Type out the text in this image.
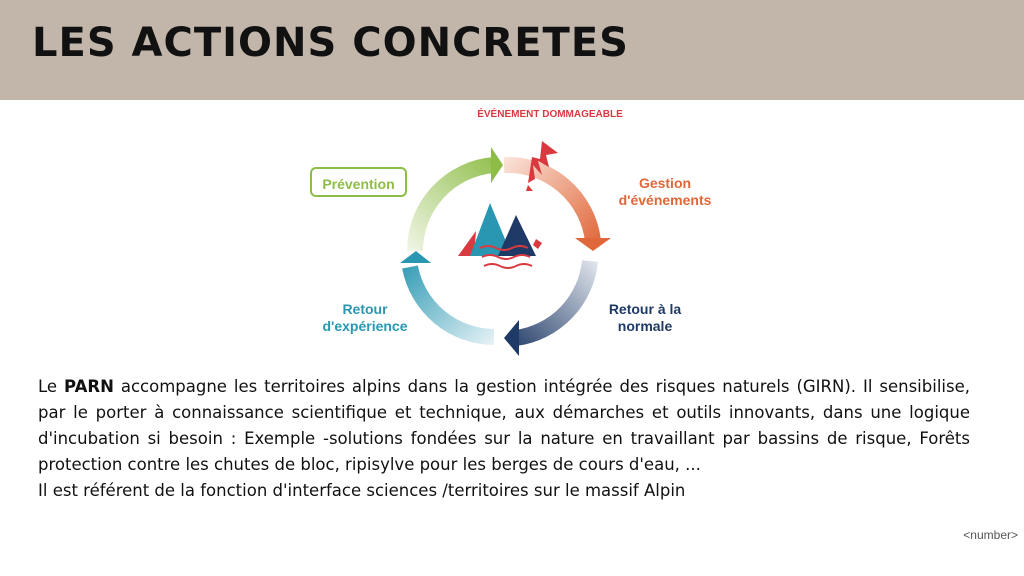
LES ACTIONS CONCRETES
ÉVÉNEMENT DOMMAGEABLE
Prévention	Gestion d'événements
Retour à la normale
Retour d'expérience
Le PARN accompagne les territoires alpins dans la gestion intégrée des risques naturels (GIRN). Il sensibilise, par le porter à connaissance scientifique et technique, aux démarches et outils innovants, dans une logique d'incubation si besoin : Exemple -solutions fondées sur la nature en travaillant par bassins de risque, Forêts protection contre les chutes de bloc, ripisylve pour les berges de cours d'eau, ...
Il est référent de la fonction d'interface sciences /territoires sur le massif Alpin
<number>
